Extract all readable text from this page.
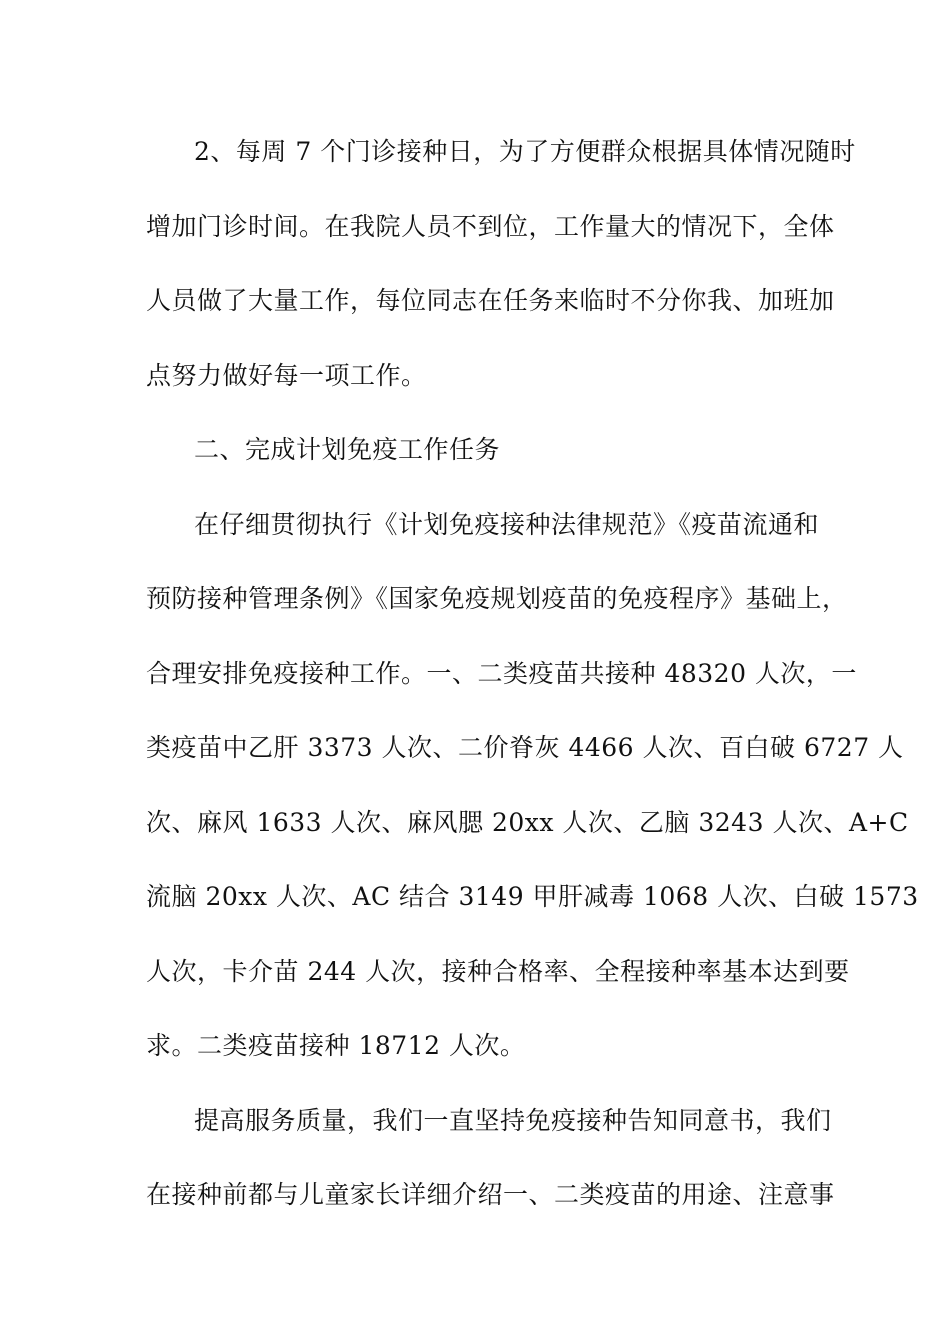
2、每周 7 个门诊接种日，为了方便群众根据具体情况随时
增加门诊时间。在我院人员不到位，工作量大的情况下，全体
人员做了大量工作，每位同志在任务来临时不分你我、加班加
点努力做好每一项工作。
二、完成计划免疫工作任务
在仔细贯彻执行《计划免疫接种法律规范》《疫苗流通和
预防接种管理条例》《国家免疫规划疫苗的免疫程序》基础上，
合理安排免疫接种工作。一、二类疫苗共接种 48320 人次，一
类疫苗中乙肝 3373 人次、二价脊灰 4466 人次、百白破 6727 人
次、麻风 1633 人次、麻风腮 20xx 人次、乙脑 3243 人次、A+C
流脑 20xx 人次、AC 结合 3149 甲肝减毒 1068 人次、白破 1573
人次，卡介苗 244 人次，接种合格率、全程接种率基本达到要
求。二类疫苗接种 18712 人次。
提高服务质量，我们一直坚持免疫接种告知同意书，我们
在接种前都与儿童家长详细介绍一、二类疫苗的用途、注意事
